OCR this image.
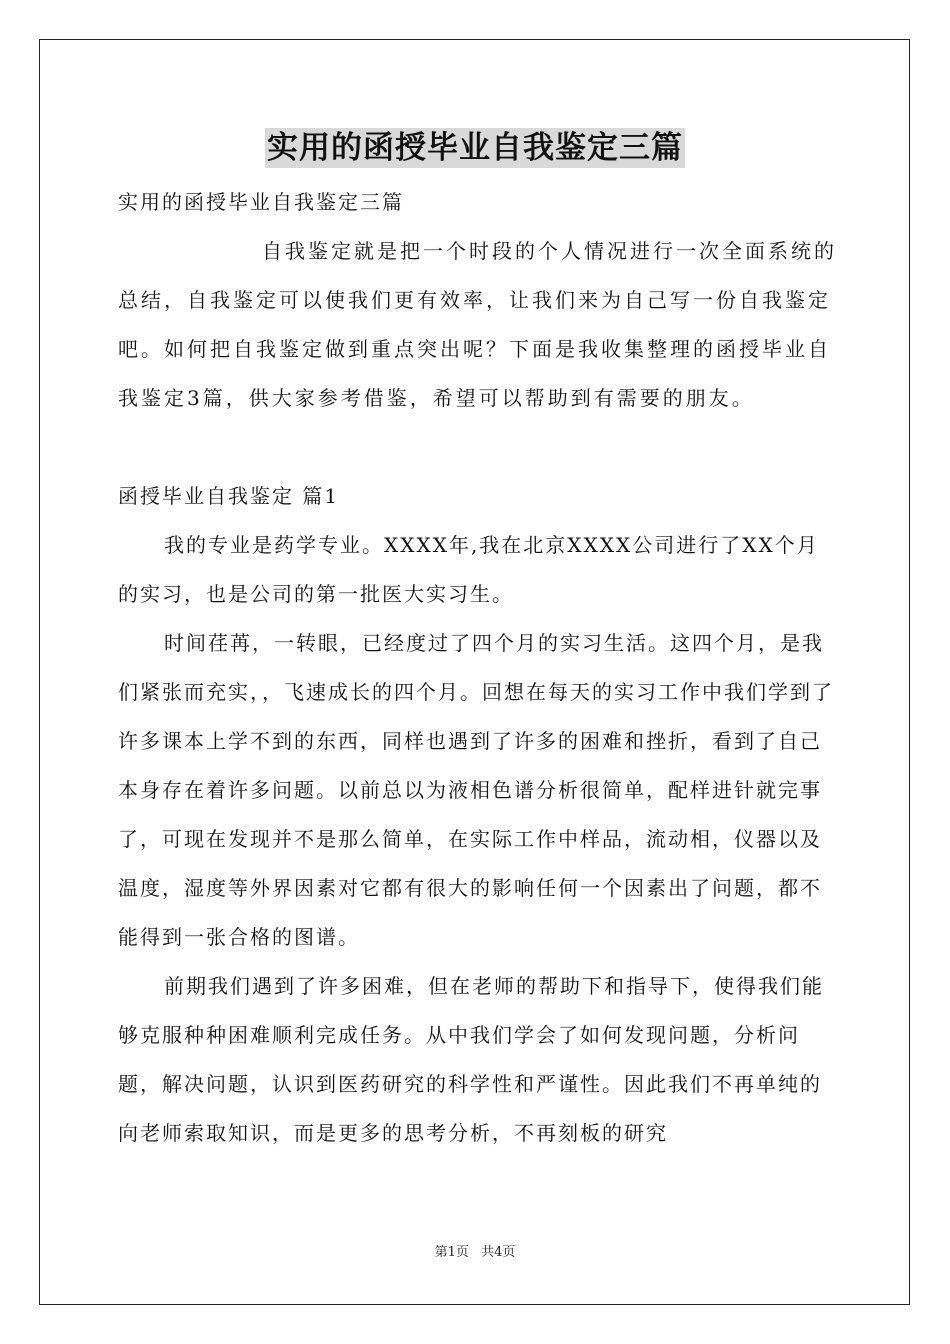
实用的函授毕业自我鉴定三篇

实用的函授毕业自我鉴定三篇

自我鉴定就是把一个时段的个人情况进行一次全面系统的总结，自我鉴定可以使我们更有效率，让我们来为自己写一份自我鉴定吧。如何把自我鉴定做到重点突出呢？下面是我收集整理的函授毕业自我鉴定3篇，供大家参考借鉴，希望可以帮助到有需要的朋友。

函授毕业自我鉴定 篇1

我的专业是药学专业。XXXX年,我在北京XXXX公司进行了XX个月的实习，也是公司的第一批医大实习生。

时间荏苒，一转眼，已经度过了四个月的实习生活。这四个月，是我们紧张而充实，，飞速成长的四个月。回想在每天的实习工作中我们学到了许多课本上学不到的东西，同样也遇到了许多的困难和挫折，看到了自己本身存在着许多问题。以前总以为液相色谱分析很简单，配样进针就完事了，可现在发现并不是那么简单，在实际工作中样品，流动相，仪器以及温度，湿度等外界因素对它都有很大的影响任何一个因素出了问题，都不能得到一张合格的图谱。

前期我们遇到了许多困难，但在老师的帮助下和指导下，使得我们能够克服种种困难顺利完成任务。从中我们学会了如何发现问题，分析问题，解决问题，认识到医药研究的科学性和严谨性。因此我们不再单纯的向老师索取知识，而是更多的思考分析，不再刻板的研究

第1页 共4页
